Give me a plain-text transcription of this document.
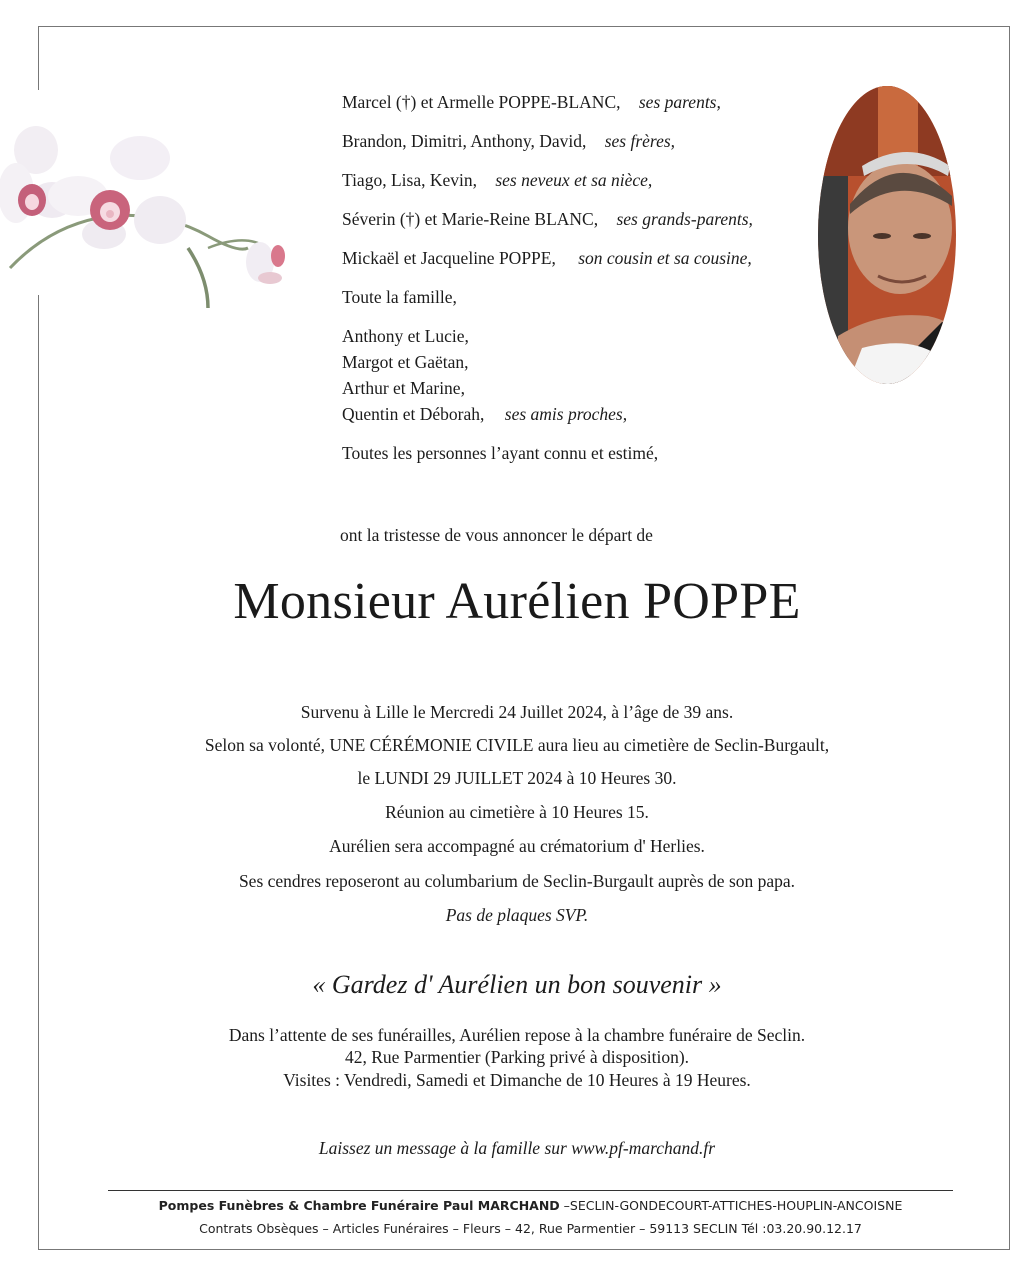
Marcel (†) et Armelle POPPE-BLANC, ses parents,
Brandon, Dimitri, Anthony, David, ses frères,
Tiago, Lisa, Kevin, ses neveux et sa nièce,
Séverin (†) et Marie-Reine BLANC, ses grands-parents,
Mickaël et Jacqueline POPPE, son cousin et sa cousine,
Toute la famille,
Anthony et Lucie,
Margot et Gaëtan,
Arthur et Marine,
Quentin et Déborah, ses amis proches,
Toutes les personnes l’ayant connu et estimé,
ont la tristesse de vous annoncer le départ de
Monsieur Aurélien POPPE
Survenu à Lille le Mercredi 24 Juillet 2024, à l’âge de 39 ans.
Selon sa volonté, UNE CÉRÉMONIE CIVILE aura lieu au cimetière de Seclin-Burgault,
le LUNDI 29 JUILLET 2024 à 10 Heures 30.
Réunion au cimetière à 10 Heures 15.
Aurélien sera accompagné au crématorium d' Herlies.
Ses cendres reposeront au columbarium de Seclin-Burgault auprès de son papa.
Pas de plaques SVP.
« Gardez d' Aurélien un bon souvenir »
Dans l’attente de ses funérailles, Aurélien repose à la chambre funéraire de Seclin.
42, Rue Parmentier (Parking privé à disposition).
Visites : Vendredi, Samedi et Dimanche de 10 Heures à 19 Heures.
Laissez un message à la famille sur www.pf-marchand.fr
Pompes Funèbres & Chambre Funéraire Paul MARCHAND –SECLIN-GONDECOURT-ATTICHES-HOUPLIN-ANCOISNE
Contrats Obsèques – Articles Funéraires – Fleurs – 42, Rue Parmentier – 59113 SECLIN Tél :03.20.90.12.17
